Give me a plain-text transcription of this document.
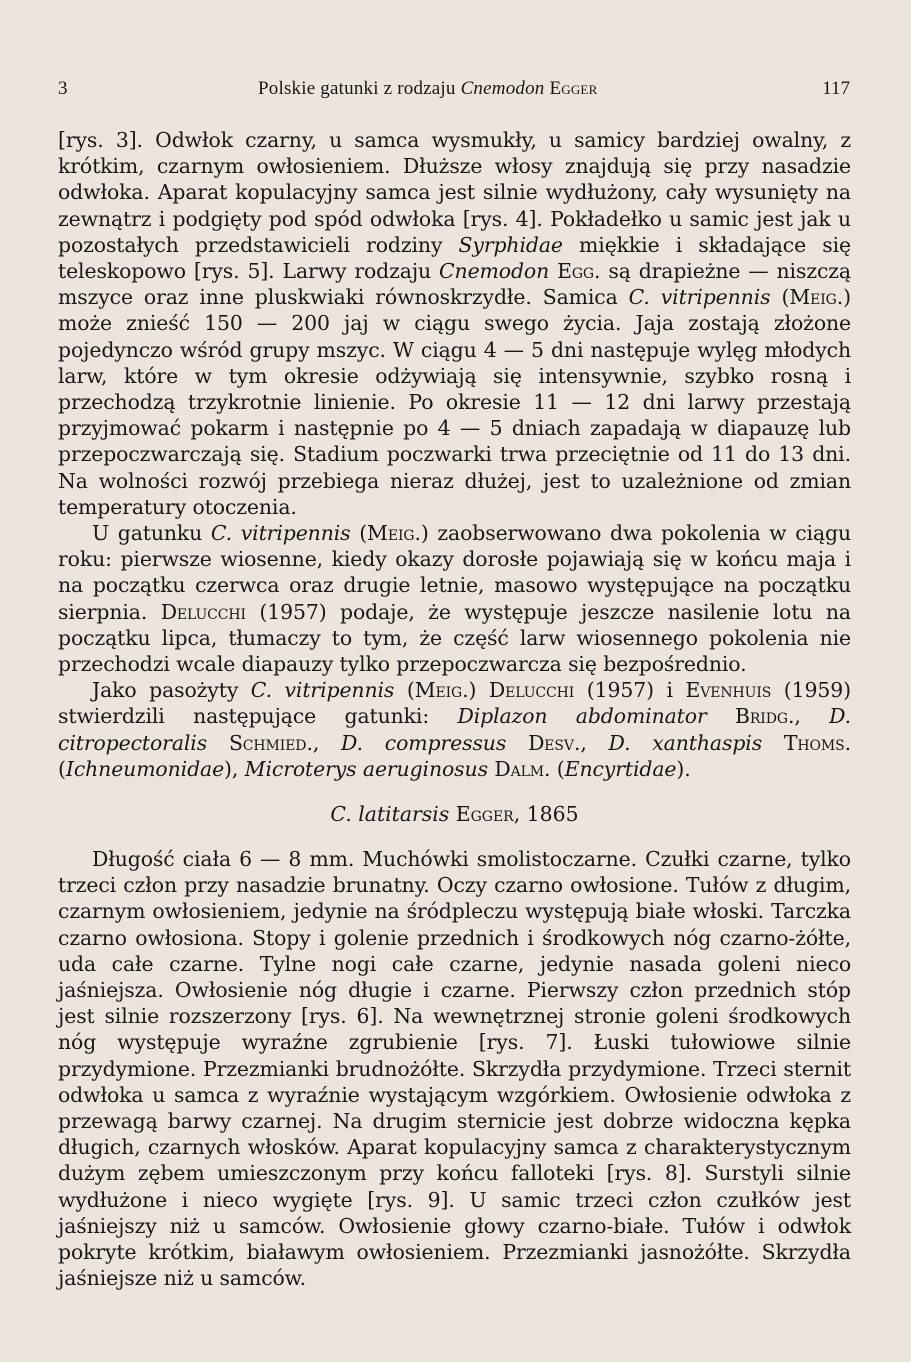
3	Polskie gatunki z rodzaju Cnemodon Egger	117

[rys. 3]. Odwłok czarny, u samca wysmukły, u samicy bardziej owalny, z krótkim, czarnym owłosieniem. Dłuższe włosy znajdują się przy nasadzie odwłoka. Aparat kopulacyjny samca jest silnie wydłużony, cały wysunięty na zewnątrz i podgięty pod spód odwłoka [rys. 4]. Pokładełko u samic jest jak u pozostałych przedstawicieli rodziny Syrphidae miękkie i składające się teleskopowo [rys. 5]. Larwy rodzaju Cnemodon Egg. są drapieżne — niszczą mszyce oraz inne pluskwiaki równoskrzydłe. Samica C. vitripennis (Meig.) może znieść 150 — 200 jaj w ciągu swego życia. Jaja zostają złożone pojedynczo wśród grupy mszyc. W ciągu 4 — 5 dni następuje wylęg młodych larw, które w tym okresie odżywiają się intensywnie, szybko rosną i przechodzą trzykrotnie linienie. Po okresie 11 — 12 dni larwy przestają przyjmować pokarm i następnie po 4 — 5 dniach zapadają w diapauzę lub przepoczwarczają się. Stadium poczwarki trwa przeciętnie od 11 do 13 dni. Na wolności rozwój przebiega nieraz dłużej, jest to uzależnione od zmian temperatury otoczenia.

U gatunku C. vitripennis (Meig.) zaobserwowano dwa pokolenia w ciągu roku: pierwsze wiosenne, kiedy okazy dorosłe pojawiają się w końcu maja i na początku czerwca oraz drugie letnie, masowo występujące na początku sierpnia. Delucchi (1957) podaje, że występuje jeszcze nasilenie lotu na początku lipca, tłumaczy to tym, że część larw wiosennego pokolenia nie przechodzi wcale diapauzy tylko przepoczwarcza się bezpośrednio.

Jako pasożyty C. vitripennis (Meig.) Delucchi (1957) i Evenhuis (1959) stwierdzili następujące gatunki: Diplazon abdominator Bridg., D. citropectoralis Schmied., D. compressus Desv., D. xanthaspis Thoms. (Ichneumonidae), Microterys aeruginosus Dalm. (Encyrtidae).

C. latitarsis Egger, 1865

Długość ciała 6 — 8 mm. Muchówki smolistoczarne. Czułki czarne, tylko trzeci człon przy nasadzie brunatny. Oczy czarno owłosione. Tułów z długim, czarnym owłosieniem, jedynie na śródpleczu występują białe włoski. Tarczka czarno owłosiona. Stopy i golenie przednich i środkowych nóg czarno-żółte, uda całe czarne. Tylne nogi całe czarne, jedynie nasada goleni nieco jaśniejsza. Owłosienie nóg długie i czarne. Pierwszy człon przednich stóp jest silnie rozszerzony [rys. 6]. Na wewnętrznej stronie goleni środkowych nóg występuje wyraźne zgrubienie [rys. 7]. Łuski tułowiowe silnie przydymione. Przezmianki brudnożółte. Skrzydła przydymione. Trzeci sternit odwłoka u samca z wyraźnie wystającym wzgórkiem. Owłosienie odwłoka z przewagą barwy czarnej. Na drugim sternicie jest dobrze widoczna kępka długich, czarnych włosków. Aparat kopulacyjny samca z charakterystycznym dużym zębem umieszczonym przy końcu falloteki [rys. 8]. Surstyli silnie wydłużone i nieco wygięte [rys. 9]. U samic trzeci człon czułków jest jaśniejszy niż u samców. Owłosienie głowy czarno-białe. Tułów i odwłok pokryte krótkim, białawym owłosieniem. Przezmianki jasnożółte. Skrzydła jaśniejsze niż u samców.
